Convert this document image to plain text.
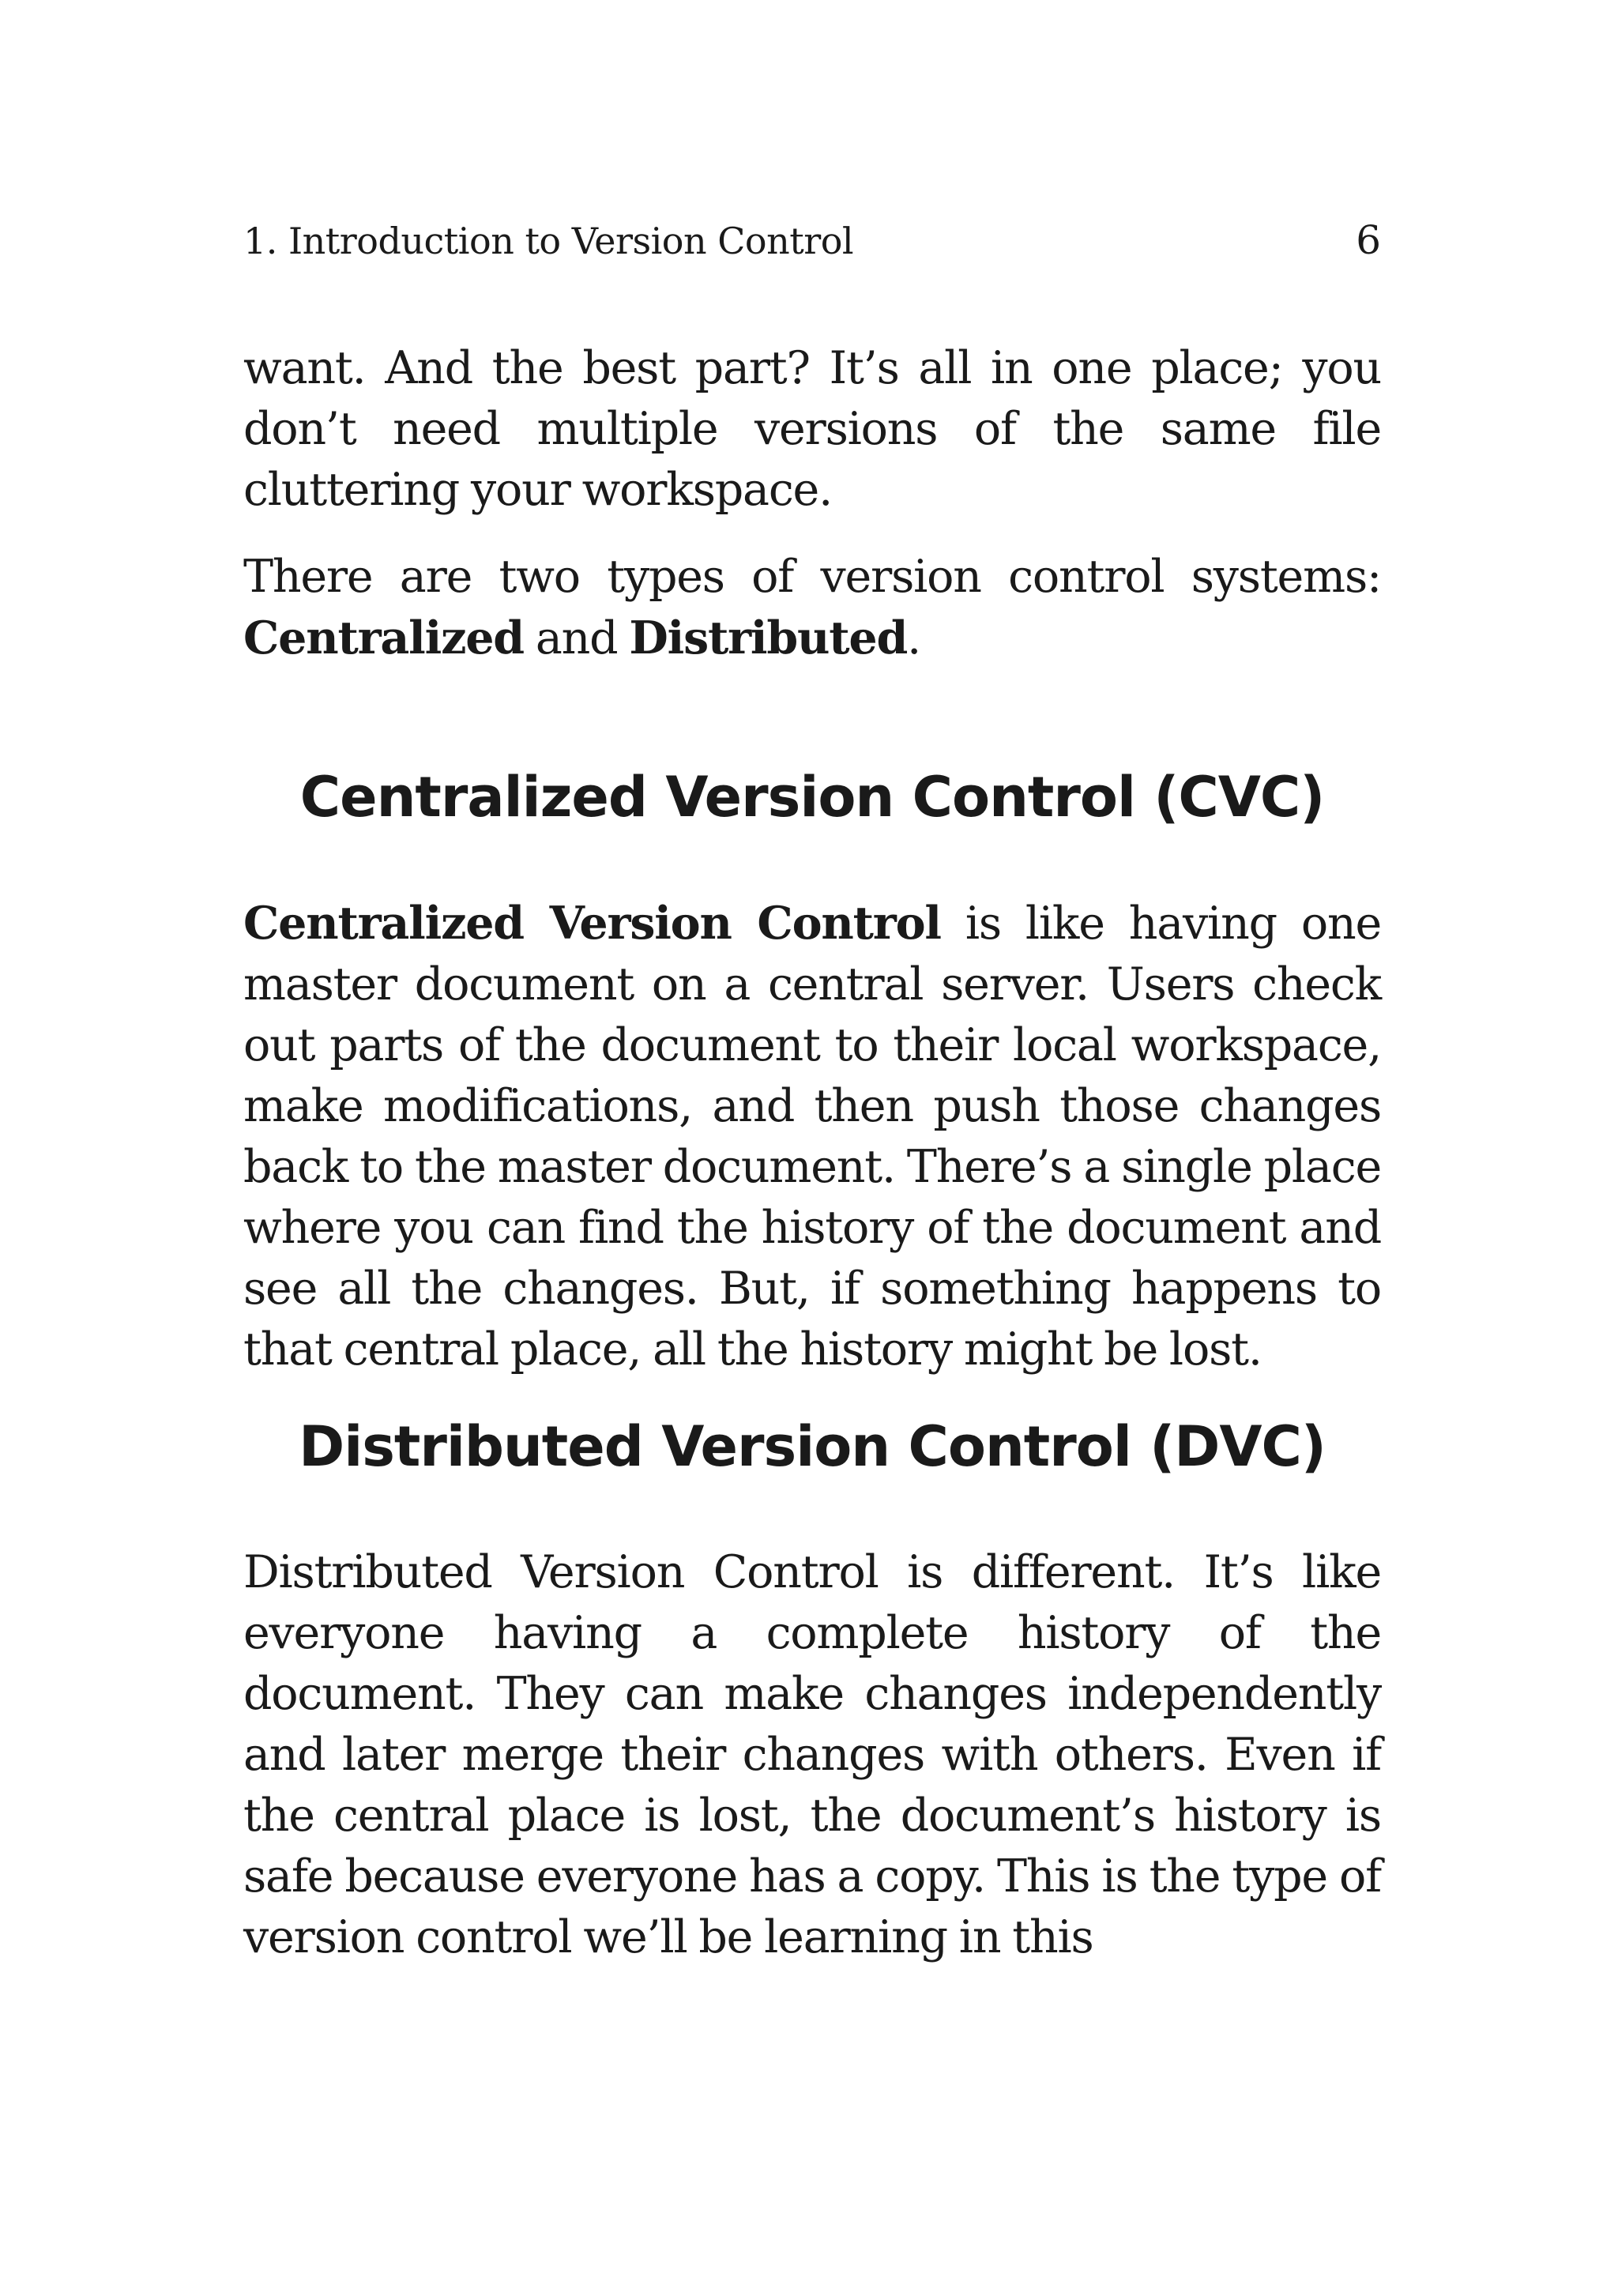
1. Introduction to Version Control	6

want. And the best part? It’s all in one place; you don’t need multiple versions of the same file cluttering your workspace.

There are two types of version control systems: Centralized and Distributed.

Centralized Version Control (CVC)

Centralized Version Control is like having one master document on a central server. Users check out parts of the document to their local workspace, make modifications, and then push those changes back to the master document. There’s a single place where you can find the history of the document and see all the changes. But, if something happens to that central place, all the history might be lost.

Distributed Version Control (DVC)

Distributed Version Control is different. It’s like everyone having a complete history of the document. They can make changes independently and later merge their changes with others. Even if the central place is lost, the document’s history is safe because everyone has a copy. This is the type of version control we’ll be learning in this
